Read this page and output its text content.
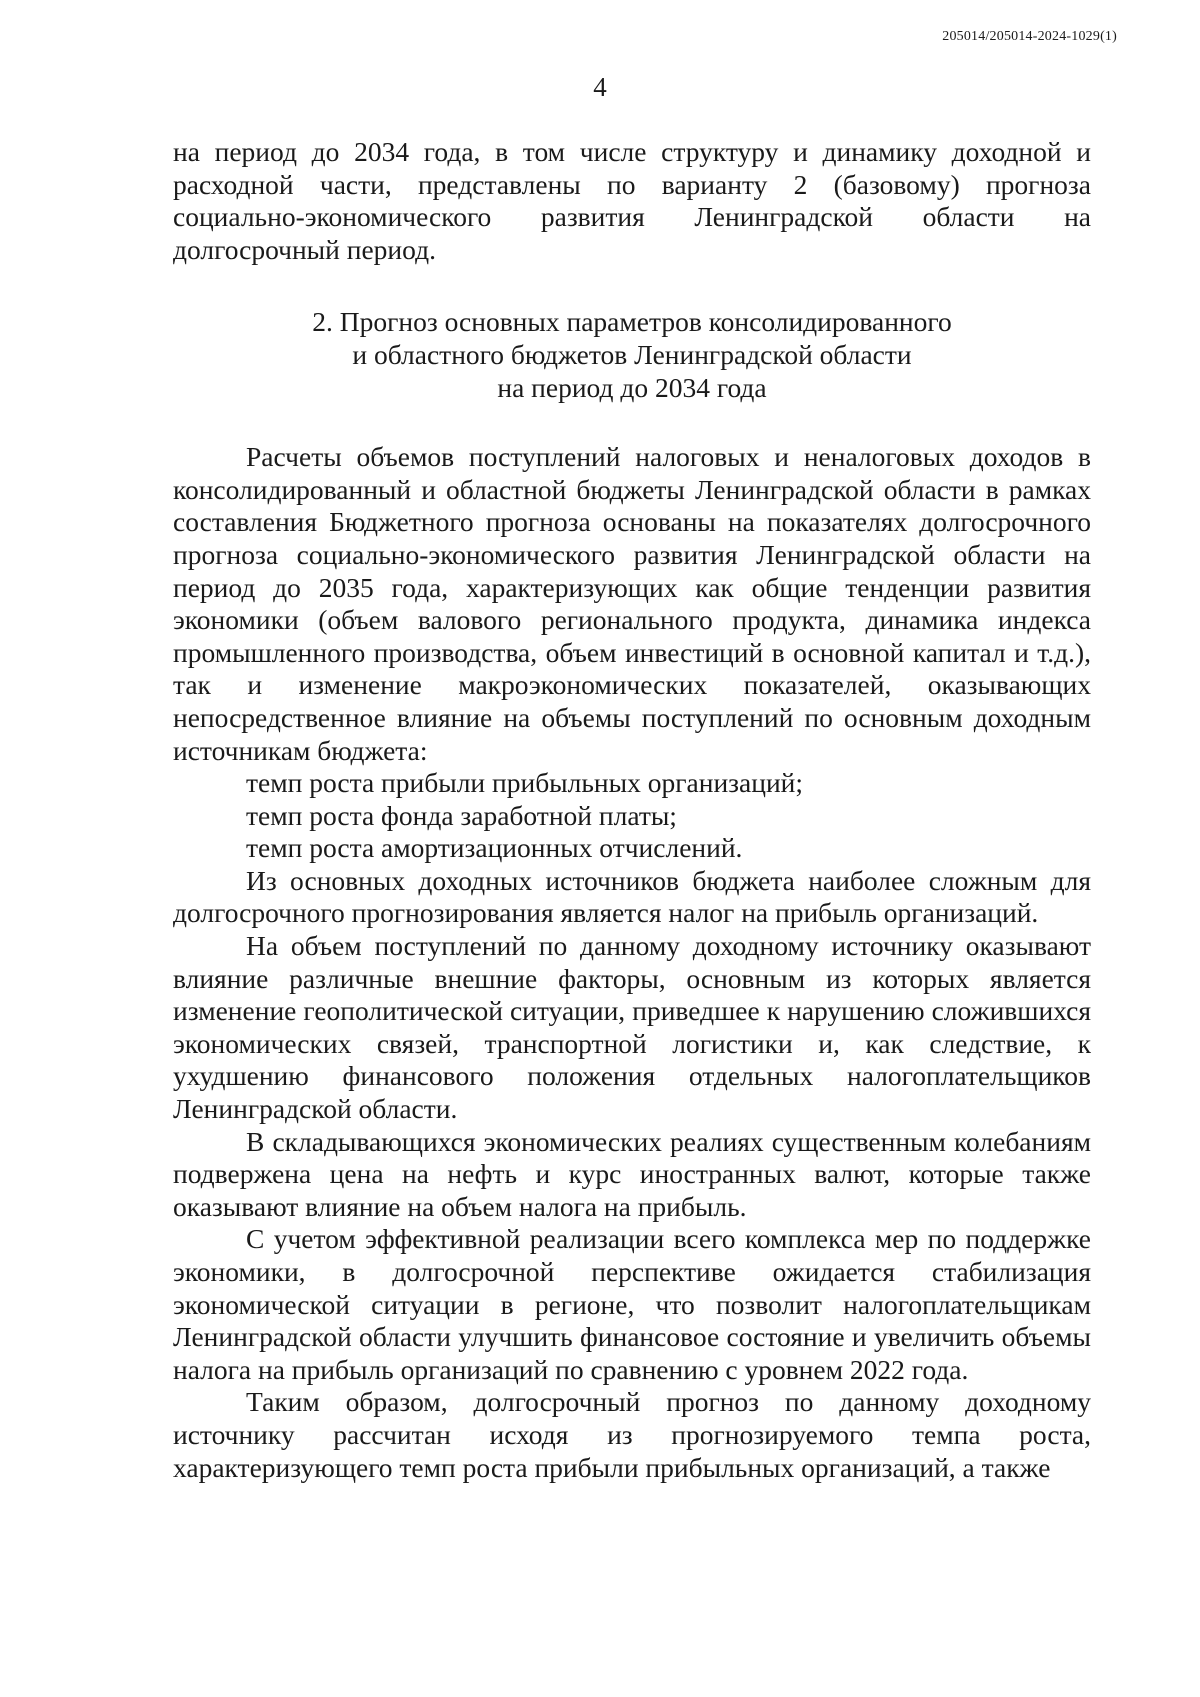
205014/205014-2024-1029(1)
4

на период до 2034 года, в том числе структуру и динамику доходной и расходной части, представлены по варианту 2 (базовому) прогноза социально-экономического развития Ленинградской области на долгосрочный период.

2. Прогноз основных параметров консолидированного
и областного бюджетов Ленинградской области
на период до 2034 года

Расчеты объемов поступлений налоговых и неналоговых доходов в консолидированный и областной бюджеты Ленинградской области в рамках составления Бюджетного прогноза основаны на показателях долгосрочного прогноза социально-экономического развития Ленинградской области на период до 2035 года, характеризующих как общие тенденции развития экономики (объем валового регионального продукта, динамика индекса промышленного производства, объем инвестиций в основной капитал и т.д.), так и изменение макроэкономических показателей, оказывающих непосредственное влияние на объемы поступлений по основным доходным источникам бюджета:

темп роста прибыли прибыльных организаций;

темп роста фонда заработной платы;

темп роста амортизационных отчислений.

Из основных доходных источников бюджета наиболее сложным для долгосрочного прогнозирования является налог на прибыль организаций.

На объем поступлений по данному доходному источнику оказывают влияние различные внешние факторы, основным из которых является изменение геополитической ситуации, приведшее к нарушению сложившихся экономических связей, транспортной логистики и, как следствие, к ухудшению финансового положения отдельных налогоплательщиков Ленинградской области.

В складывающихся экономических реалиях существенным колебаниям подвержена цена на нефть и курс иностранных валют, которые также оказывают влияние на объем налога на прибыль.

С учетом эффективной реализации всего комплекса мер по поддержке экономики, в долгосрочной перспективе ожидается стабилизация экономической ситуации в регионе, что позволит налогоплательщикам Ленинградской области улучшить финансовое состояние и увеличить объемы налога на прибыль организаций по сравнению с уровнем 2022 года.

Таким образом, долгосрочный прогноз по данному доходному источнику рассчитан исходя из прогнозируемого темпа роста, характеризующего темп роста прибыли прибыльных организаций, а также
